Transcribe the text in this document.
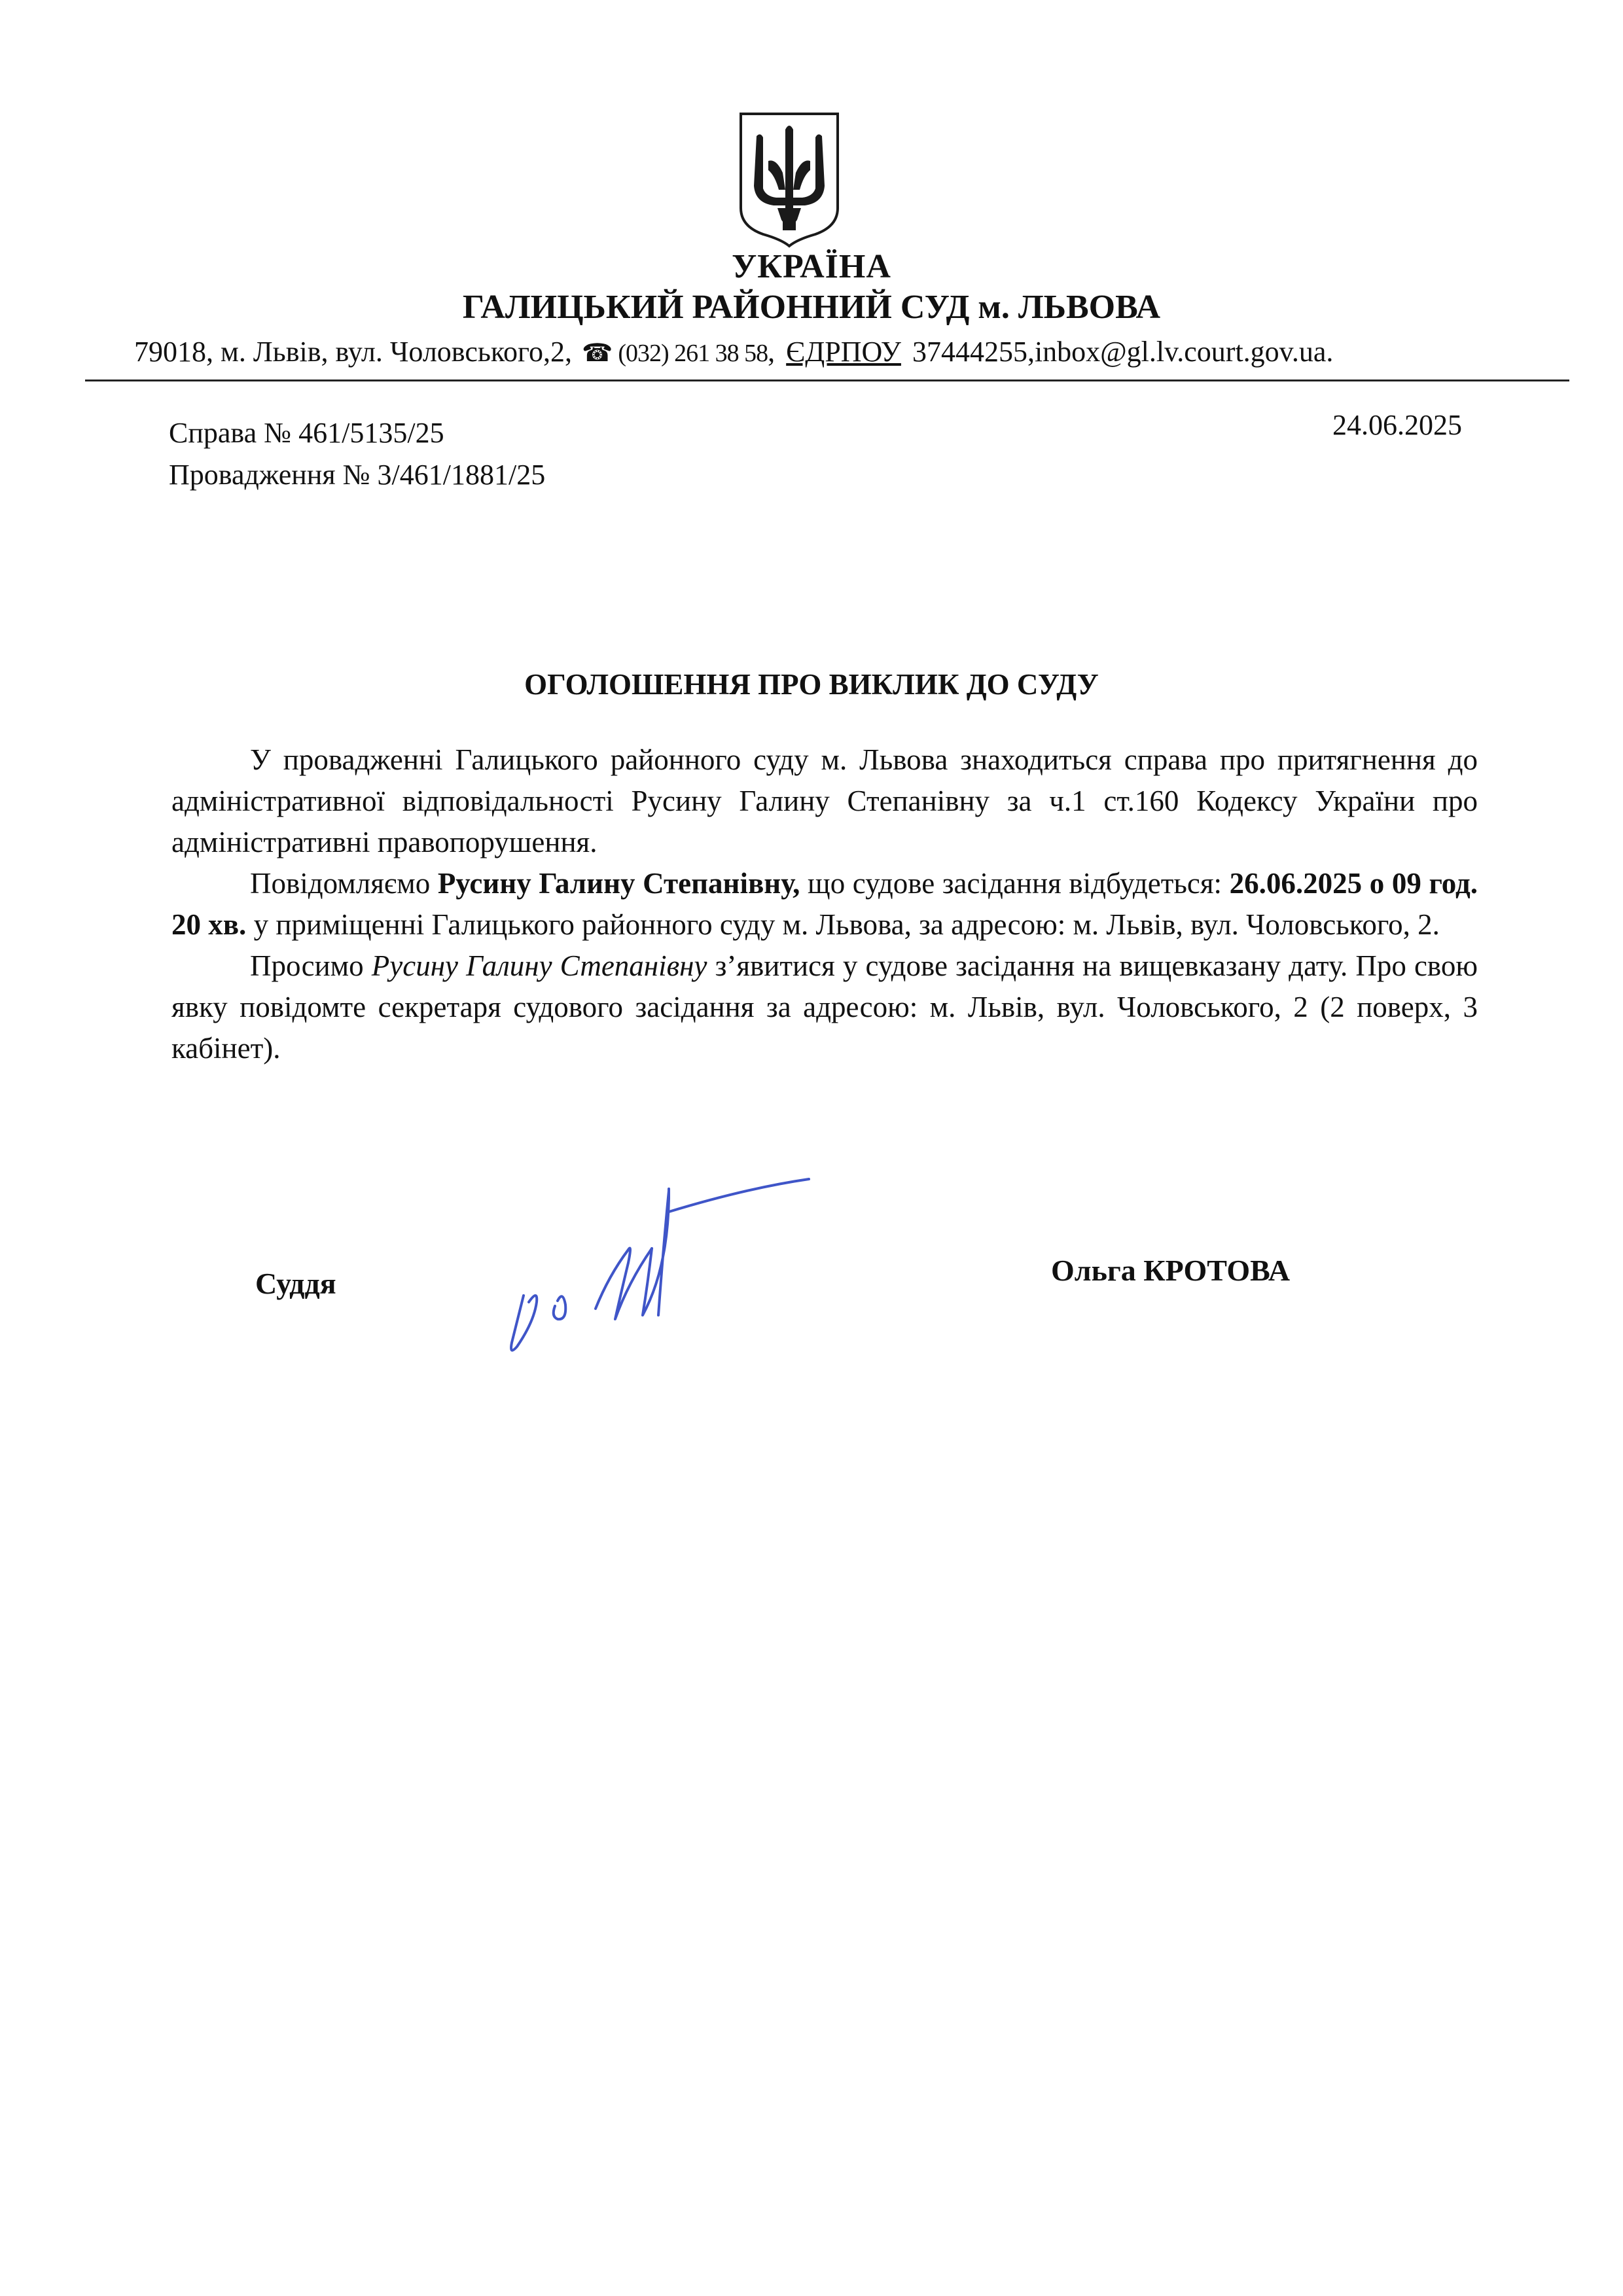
УКРАЇНА
ГАЛИЦЬКИЙ РАЙОННИЙ СУД м. ЛЬВОВА
79018, м. Львів, вул. Чоловського,2, ☎ (032) 261 38 58, ЄДРПОУ 37444255,inbox@gl.lv.court.gov.ua.
Справа № 461/5135/25
Провадження № 3/461/1881/25
24.06.2025
ОГОЛОШЕННЯ ПРО ВИКЛИК ДО СУДУ

У провадженні Галицького районного суду м. Львова знаходиться справа про притягнення до адміністративної відповідальності Русину Галину Степанівну за ч.1 ст.160 Кодексу України про адміністративні правопорушення.

Повідомляємо Русину Галину Степанівну, що судове засідання відбудеться: 26.06.2025 о 09 год. 20 хв. у приміщенні Галицького районного суду м. Львова, за адресою: м. Львів, вул. Чоловського, 2.

Просимо Русину Галину Степанівну з’явитися у судове засідання на вищевказану дату. Про свою явку повідомте секретаря судового засідання за адресою: м. Львів, вул. Чоловського, 2 (2 поверх, 3 кабінет).

Суддя	Ольга КРОТОВА
